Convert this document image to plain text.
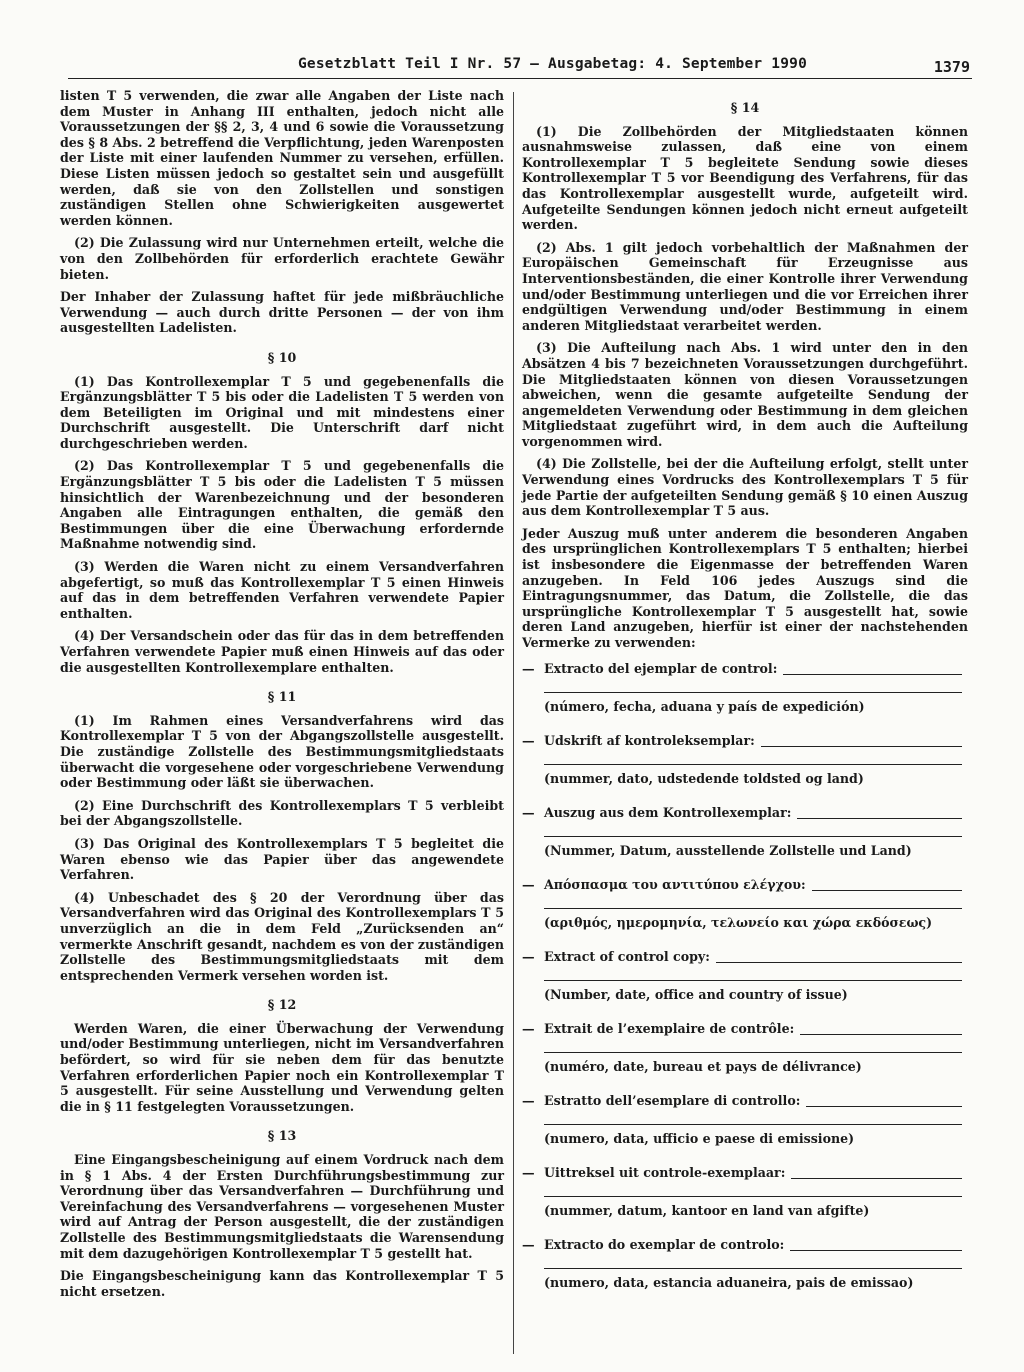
Gesetzblatt Teil I Nr. 57 — Ausgabetag: 4. September 1990	1379

listen T 5 verwenden, die zwar alle Angaben der Liste nach dem Muster in Anhang III enthalten, jedoch nicht alle Voraussetzungen der §§ 2, 3, 4 und 6 sowie die Voraussetzung des § 8 Abs. 2 betreffend die Verpflichtung, jeden Warenposten der Liste mit einer laufenden Nummer zu versehen, erfüllen. Diese Listen müssen jedoch so gestaltet sein und ausgefüllt werden, daß sie von den Zollstellen und sonstigen zuständigen Stellen ohne Schwierigkeiten ausgewertet werden können.

(2) Die Zulassung wird nur Unternehmen erteilt, welche die von den Zollbehörden für erforderlich erachtete Gewähr bieten.

Der Inhaber der Zulassung haftet für jede mißbräuchliche Verwendung — auch durch dritte Personen — der von ihm ausgestellten Ladelisten.

§ 10

(1) Das Kontrollexemplar T 5 und gegebenenfalls die Ergänzungsblätter T 5 bis oder die Ladelisten T 5 werden von dem Beteiligten im Original und mit mindestens einer Durchschrift ausgestellt. Die Unterschrift darf nicht durchgeschrieben werden.

(2) Das Kontrollexemplar T 5 und gegebenenfalls die Ergänzungsblätter T 5 bis oder die Ladelisten T 5 müssen hinsichtlich der Warenbezeichnung und der besonderen Angaben alle Eintragungen enthalten, die gemäß den Bestimmungen über die eine Überwachung erfordernde Maßnahme notwendig sind.

(3) Werden die Waren nicht zu einem Versandverfahren abgefertigt, so muß das Kontrollexemplar T 5 einen Hinweis auf das in dem betreffenden Verfahren verwendete Papier enthalten.

(4) Der Versandschein oder das für das in dem betreffenden Verfahren verwendete Papier muß einen Hinweis auf das oder die ausgestellten Kontrollexemplare enthalten.

§ 11

(1) Im Rahmen eines Versandverfahrens wird das Kontrollexemplar T 5 von der Abgangszollstelle ausgestellt. Die zuständige Zollstelle des Bestimmungsmitgliedstaats überwacht die vorgesehene oder vorgeschriebene Verwendung oder Bestimmung oder läßt sie überwachen.

(2) Eine Durchschrift des Kontrollexemplars T 5 verbleibt bei der Abgangszollstelle.

(3) Das Original des Kontrollexemplars T 5 begleitet die Waren ebenso wie das Papier über das angewendete Verfahren.

(4) Unbeschadet des § 20 der Verordnung über das Versandverfahren wird das Original des Kontrollexemplars T 5 unverzüglich an die in dem Feld „Zurücksenden an“ vermerkte Anschrift gesandt, nachdem es von der zuständigen Zollstelle des Bestimmungsmitgliedstaats mit dem entsprechenden Vermerk versehen worden ist.

§ 12

Werden Waren, die einer Überwachung der Verwendung und/oder Bestimmung unterliegen, nicht im Versandverfahren befördert, so wird für sie neben dem für das benutzte Verfahren erforderlichen Papier noch ein Kontrollexemplar T 5 ausgestellt. Für seine Ausstellung und Verwendung gelten die in § 11 festgelegten Voraussetzungen.

§ 13

Eine Eingangsbescheinigung auf einem Vordruck nach dem in § 1 Abs. 4 der Ersten Durchführungsbestimmung zur Verordnung über das Versandverfahren — Durchführung und Vereinfachung des Versandverfahrens — vorgesehenen Muster wird auf Antrag der Person ausgestellt, die der zuständigen Zollstelle des Bestimmungsmitgliedstaats die Warensendung mit dem dazugehörigen Kontrollexemplar T 5 gestellt hat.

Die Eingangsbescheinigung kann das Kontrollexemplar T 5 nicht ersetzen.

§ 14

(1) Die Zollbehörden der Mitgliedstaaten können ausnahmsweise zulassen, daß eine von einem Kontrollexemplar T 5 begleitete Sendung sowie dieses Kontrollexemplar T 5 vor Beendigung des Verfahrens, für das das Kontrollexemplar ausgestellt wurde, aufgeteilt wird. Aufgeteilte Sendungen können jedoch nicht erneut aufgeteilt werden.

(2) Abs. 1 gilt jedoch vorbehaltlich der Maßnahmen der Europäischen Gemeinschaft für Erzeugnisse aus Interventionsbeständen, die einer Kontrolle ihrer Verwendung und/oder Bestimmung unterliegen und die vor Erreichen ihrer endgültigen Verwendung und/oder Bestimmung in einem anderen Mitgliedstaat verarbeitet werden.

(3) Die Aufteilung nach Abs. 1 wird unter den in den Absätzen 4 bis 7 bezeichneten Voraussetzungen durchgeführt. Die Mitgliedstaaten können von diesen Voraussetzungen abweichen, wenn die gesamte aufgeteilte Sendung der angemeldeten Verwendung oder Bestimmung in dem gleichen Mitgliedstaat zugeführt wird, in dem auch die Aufteilung vorgenommen wird.

(4) Die Zollstelle, bei der die Aufteilung erfolgt, stellt unter Verwendung eines Vordrucks des Kontrollexemplars T 5 für jede Partie der aufgeteilten Sendung gemäß § 10 einen Auszug aus dem Kontrollexemplar T 5 aus.

Jeder Auszug muß unter anderem die besonderen Angaben des ursprünglichen Kontrollexemplars T 5 enthalten; hierbei ist insbesondere die Eigenmasse der betreffenden Waren anzugeben. In Feld 106 jedes Auszugs sind die Eintragungsnummer, das Datum, die Zollstelle, die das ursprüngliche Kontrollexemplar T 5 ausgestellt hat, sowie deren Land anzugeben, hierfür ist einer der nachstehenden Vermerke zu verwenden:

— Extracto del ejemplar de control:
(número, fecha, aduana y país de expedición)
— Udskrift af kontroleksemplar:
(nummer, dato, udstedende toldsted og land)
— Auszug aus dem Kontrollexemplar:
(Nummer, Datum, ausstellende Zollstelle und Land)
— Απόσπασμα του αντιτύπου ελέγχου:
(αριθμός, ημερομηνία, τελωνείο και χώρα εκδόσεως)
— Extract of control copy:
(Number, date, office and country of issue)
— Extrait de l’exemplaire de contrôle:
(numéro, date, bureau et pays de délivrance)
— Estratto dell’esemplare di controllo:
(numero, data, ufficio e paese di emissione)
— Uittreksel uit controle-exemplaar:
(nummer, datum, kantoor en land van afgifte)
— Extracto do exemplar de controlo:
(numero, data, estancia aduaneira, pais de emissao)
